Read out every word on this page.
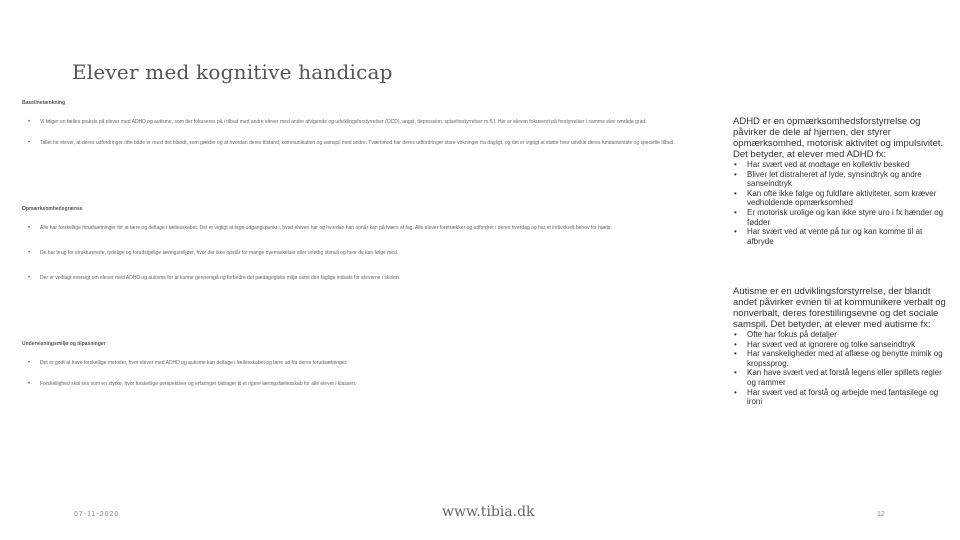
Elever med kognitive handicap
Baselinetænkning
• Vi følger en fælles praksis på elever med ADHD og autisme, som der fokuseres på i tilbud med andre elever med andre afvigende og udviklingsforstyrrelser (OCD), angst, depression, spiseforstyrrelser m.fl.). Her er eleven fokuseret på forstyrrelser i samme elev område grad.
• Tallet for elever, at deres udfordringer ofte både er mest det blandt, som gælder og at hvordan deres tilstand, kommunikation og samspil med andre. Tværtimod har deres udfordringer store virkninger fra dagligt, og det er vigtigt at støtte hvor udvikle deres fundamentale og specielle tilbud.
Opmærksomhedsgrænse
• Alle har forskellige forudsætninger for at lære og deltage i fællesskabet. Det er vigtigt at tage udgangspunkt i, hvad eleven har og hvordan han opnår kan på tværs af fag. Alle elever foretrækker og udfordrer i deres hverdag og har et individuelt behov for hjælp.
• De har brug for strukturerede, tydelige og forudsigelige læringsmiljøer, hvor der ikke opstår for mange overraskelser eller unødig stimuli og hvor de kan følge med.
• Der er vedlagt oversigt om elever med ADHD og autisme for at kunne gennemgå og forbedre det pædagogiske miljø samt den faglige indsats for eleverne i skolen.
Undervisningsmiljø og tilpasninger
• Det er godt at have forskellige metoder, hvor elever med ADHD og autisme kan deltage i fællesskabet og lære ud fra deres forudsætninger.
• Forskellighed skal ses som en styrke, hvor forskellige perspektiver og erfaringer bidrager til et rigere læringsfællesskab for alle elever i klassen.

ADHD er en opmærksomhedsforstyrrelse og påvirker de dele af hjernen, der styrer opmærksomhed, motorisk aktivitet og impulsivitet. Det betyder, at elever med ADHD fx:

• Har svært ved at modtage en kollektiv besked
• Bliver let distraheret af lyde, synsindtryk og andre sanseindtryk
• Kan ofte ikke følge og fuldføre aktiviteter, som kræver vedholdende opmærksomhed
• Er motorisk urolige og kan ikke styre uro i fx hænder og fødder
• Har svært ved at vente på tur og kan komme til at afbryde

Autisme er en udviklingsforstyrrelse, der blandt andet påvirker evnen til at kommunikere verbalt og nonverbalt, deres forestillingsevne og det sociale samspil. Det betyder, at elever med autisme fx:

• Ofte har fokus på detaljer
• Har svært ved at ignorere og tolke sanseindtryk
• Har vanskeligheder med at aflæse og benytte mimik og kropssprog.
• Kan have svært ved at forstå legens eller spillets regler og rammer
• Har svært ved at forstå og arbejde med fantasilege og ironi
07-11-2020	www.tibia.dk	12
